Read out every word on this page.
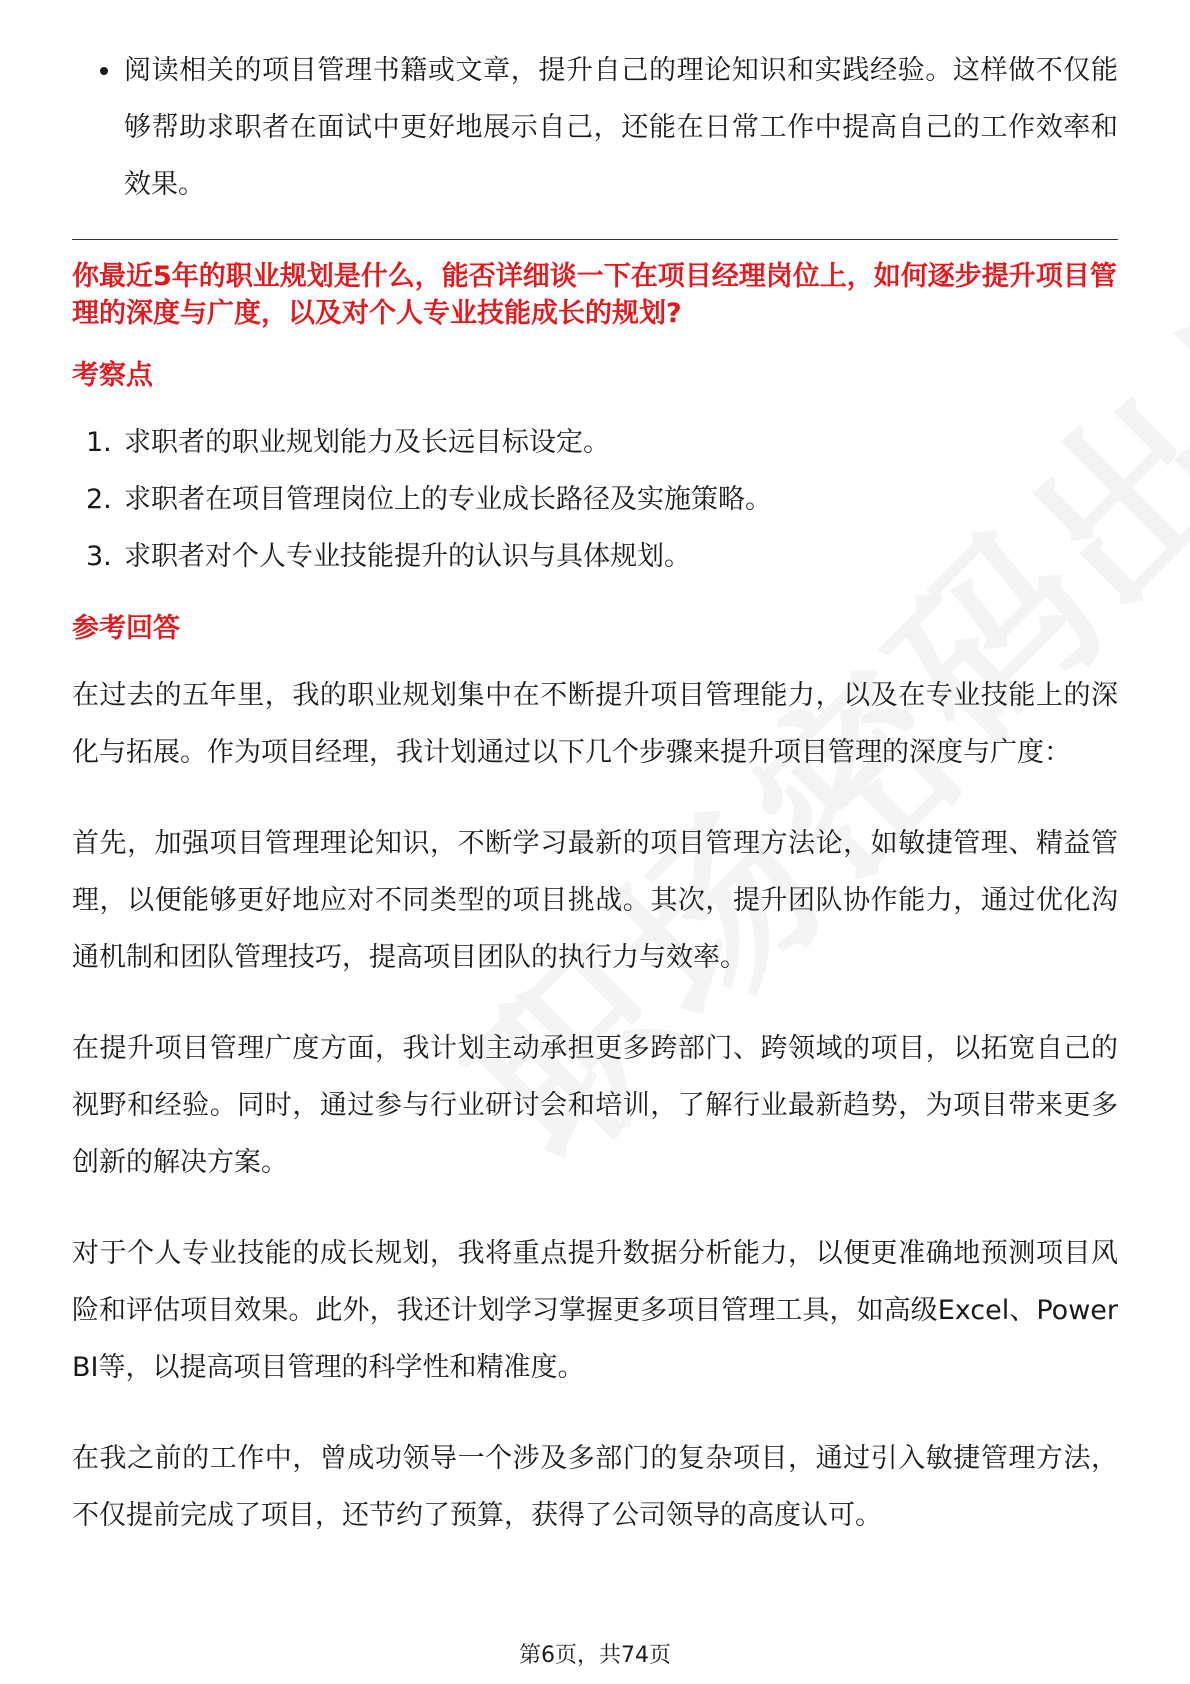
阅读相关的项目管理书籍或文章，提升自己的理论知识和实践经验。这样做不仅能够帮助求职者在面试中更好地展示自己，还能在日常工作中提高自己的工作效率和效果。
你最近5年的职业规划是什么，能否详细谈一下在项目经理岗位上，如何逐步提升项目管理的深度与广度，以及对个人专业技能成长的规划?
考察点
1. 求职者的职业规划能力及长远目标设定。
2. 求职者在项目管理岗位上的专业成长路径及实施策略。
3. 求职者对个人专业技能提升的认识与具体规划。
参考回答

在过去的五年里，我的职业规划集中在不断提升项目管理能力，以及在专业技能上的深化与拓展。作为项目经理，我计划通过以下几个步骤来提升项目管理的深度与广度：

首先，加强项目管理理论知识，不断学习最新的项目管理方法论，如敏捷管理、精益管理，以便能够更好地应对不同类型的项目挑战。其次，提升团队协作能力，通过优化沟通机制和团队管理技巧，提高项目团队的执行力与效率。

在提升项目管理广度方面，我计划主动承担更多跨部门、跨领域的项目，以拓宽自己的视野和经验。同时，通过参与行业研讨会和培训，了解行业最新趋势，为项目带来更多创新的解决方案。

对于个人专业技能的成长规划，我将重点提升数据分析能力，以便更准确地预测项目风险和评估项目效果。此外，我还计划学习掌握更多项目管理工具，如高级Excel、Power BI等，以提高项目管理的科学性和精准度。

在我之前的工作中，曾成功领导一个涉及多部门的复杂项目，通过引入敏捷管理方法，不仅提前完成了项目，还节约了预算，获得了公司领导的高度认可。

第6页，共74页
